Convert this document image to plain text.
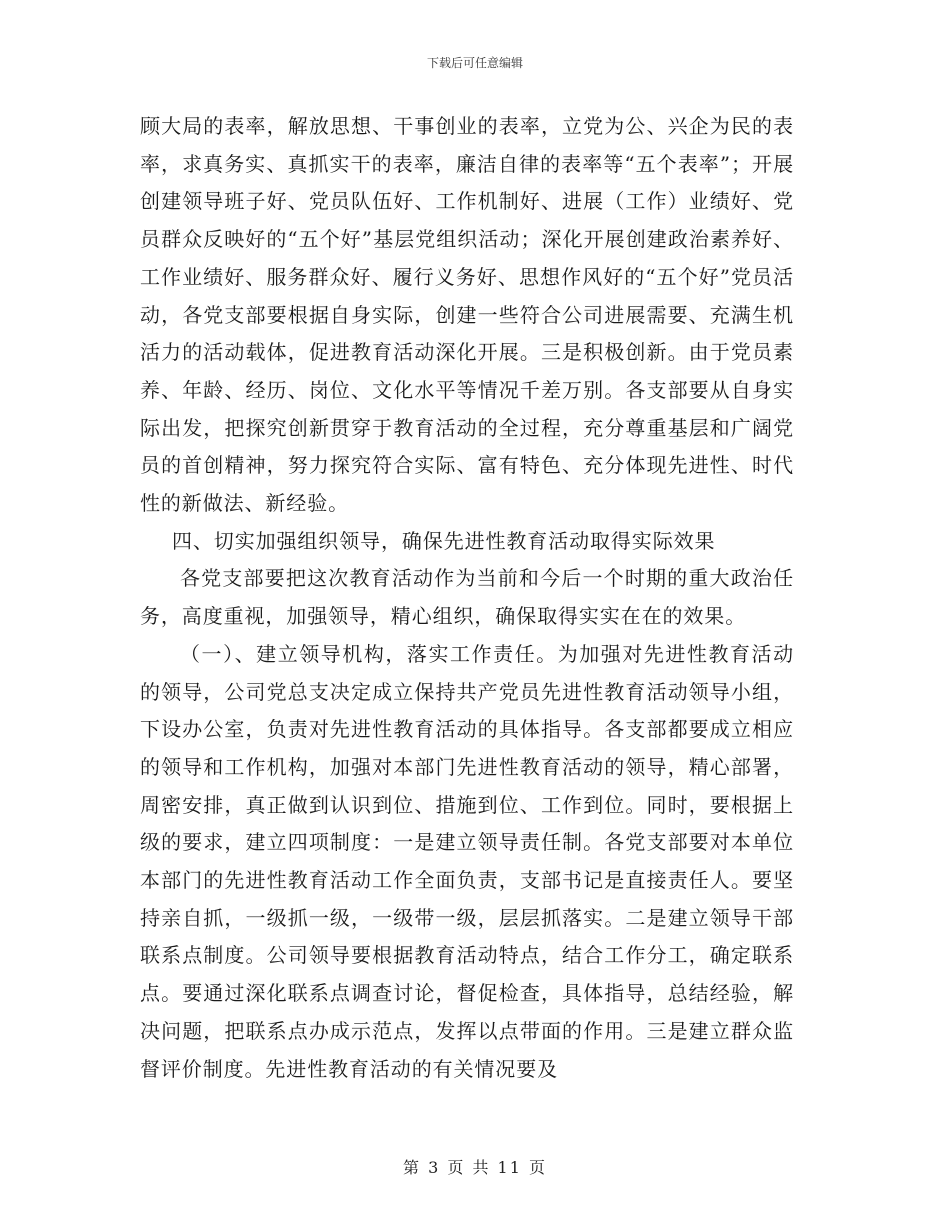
下载后可任意编辑

顾大局的表率，解放思想、干事创业的表率，立党为公、兴企为民的表率，求真务实、真抓实干的表率，廉洁自律的表率等“五个表率”；开展创建领导班子好、党员队伍好、工作机制好、进展（工作）业绩好、党员群众反映好的“五个好”基层党组织活动；深化开展创建政治素养好、工作业绩好、服务群众好、履行义务好、思想作风好的“五个好”党员活动，各党支部要根据自身实际，创建一些符合公司进展需要、充满生机活力的活动载体，促进教育活动深化开展。三是积极创新。由于党员素养、年龄、经历、岗位、文化水平等情况千差万别。各支部要从自身实际出发，把探究创新贯穿于教育活动的全过程，充分尊重基层和广阔党员的首创精神，努力探究符合实际、富有特色、充分体现先进性、时代性的新做法、新经验。

四、切实加强组织领导，确保先进性教育活动取得实际效果

各党支部要把这次教育活动作为当前和今后一个时期的重大政治任务，高度重视，加强领导，精心组织，确保取得实实在在的效果。

（一）、建立领导机构，落实工作责任。为加强对先进性教育活动的领导，公司党总支决定成立保持共产党员先进性教育活动领导小组，下设办公室，负责对先进性教育活动的具体指导。各支部都要成立相应的领导和工作机构，加强对本部门先进性教育活动的领导，精心部署，周密安排，真正做到认识到位、措施到位、工作到位。同时，要根据上级的要求，建立四项制度：一是建立领导责任制。各党支部要对本单位本部门的先进性教育活动工作全面负责，支部书记是直接责任人。要坚持亲自抓，一级抓一级，一级带一级，层层抓落实。二是建立领导干部联系点制度。公司领导要根据教育活动特点，结合工作分工，确定联系点。要通过深化联系点调查讨论，督促检查，具体指导，总结经验，解决问题，把联系点办成示范点，发挥以点带面的作用。三是建立群众监督评价制度。先进性教育活动的有关情况要及

第 3 页 共 11 页
